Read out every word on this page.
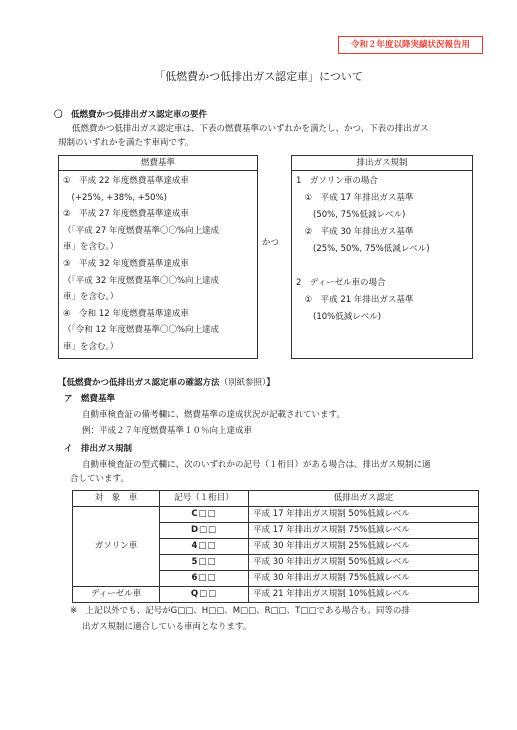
令和２年度以降実績状況報告用
「低燃費かつ低排出ガス認定車」について
〇　低燃費かつ低排出ガス認定車の要件
低燃費かつ低排出ガス認定車は、下表の燃費基準のいずれかを満たし、かつ、下表の排出ガス
規制のいずれかを満たす車両です。
燃費基準
①　平成 22 年度燃費基準達成車
　(+25%, +38%, +50%)
②　平成 27 年度燃費基準達成車
（「平成 27 年度燃費基準〇〇%向上達成
車」を含む。）
③　平成 32 年度燃費基準達成車
（「平成 32 年度燃費基準〇〇%向上達成
車」を含む。）
④　令和 12 年度燃費基準達成車
（「令和 12 年度燃費基準〇〇%向上達成
車」を含む。）
かつ
排出ガス規制
1　ガソリン車の場合
　①　平成 17 年排出ガス基準
　　(50%, 75%低減レベル)
　②　平成 30 年排出ガス基準
　　(25%, 50%, 75%低減レベル)
2　ディーゼル車の場合
　①　平成 21 年排出ガス基準
　　(10%低減レベル)
【低燃費かつ低排出ガス認定車の確認方法（別紙参照）】
ア　燃費基準
自動車検査証の備考欄に、燃費基準の達成状況が記載されています。
例：平成２７年度燃費基準１０％向上達成車
イ　排出ガス規制
自動車検査証の型式欄に、次のいずれかの記号（１桁目）がある場合は、排出ガス規制に適
合しています。
対　象　車	記号（１桁目）	低排出ガス認定
ガソリン車	C□□	平成 17 年排出ガス規制 50%低減レベル
	D□□	平成 17 年排出ガス規制 75%低減レベル
	4□□	平成 30 年排出ガス規制 25%低減レベル
	5□□	平成 30 年排出ガス規制 50%低減レベル
	6□□	平成 30 年排出ガス規制 75%低減レベル
ディーゼル車	Q□□	平成 21 年排出ガス規制 10%低減レベル
※　上記以外でも、記号がG□□、H□□、M□□、R□□、T□□である場合も、同等の排
出ガス規制に適合している車両となります。
